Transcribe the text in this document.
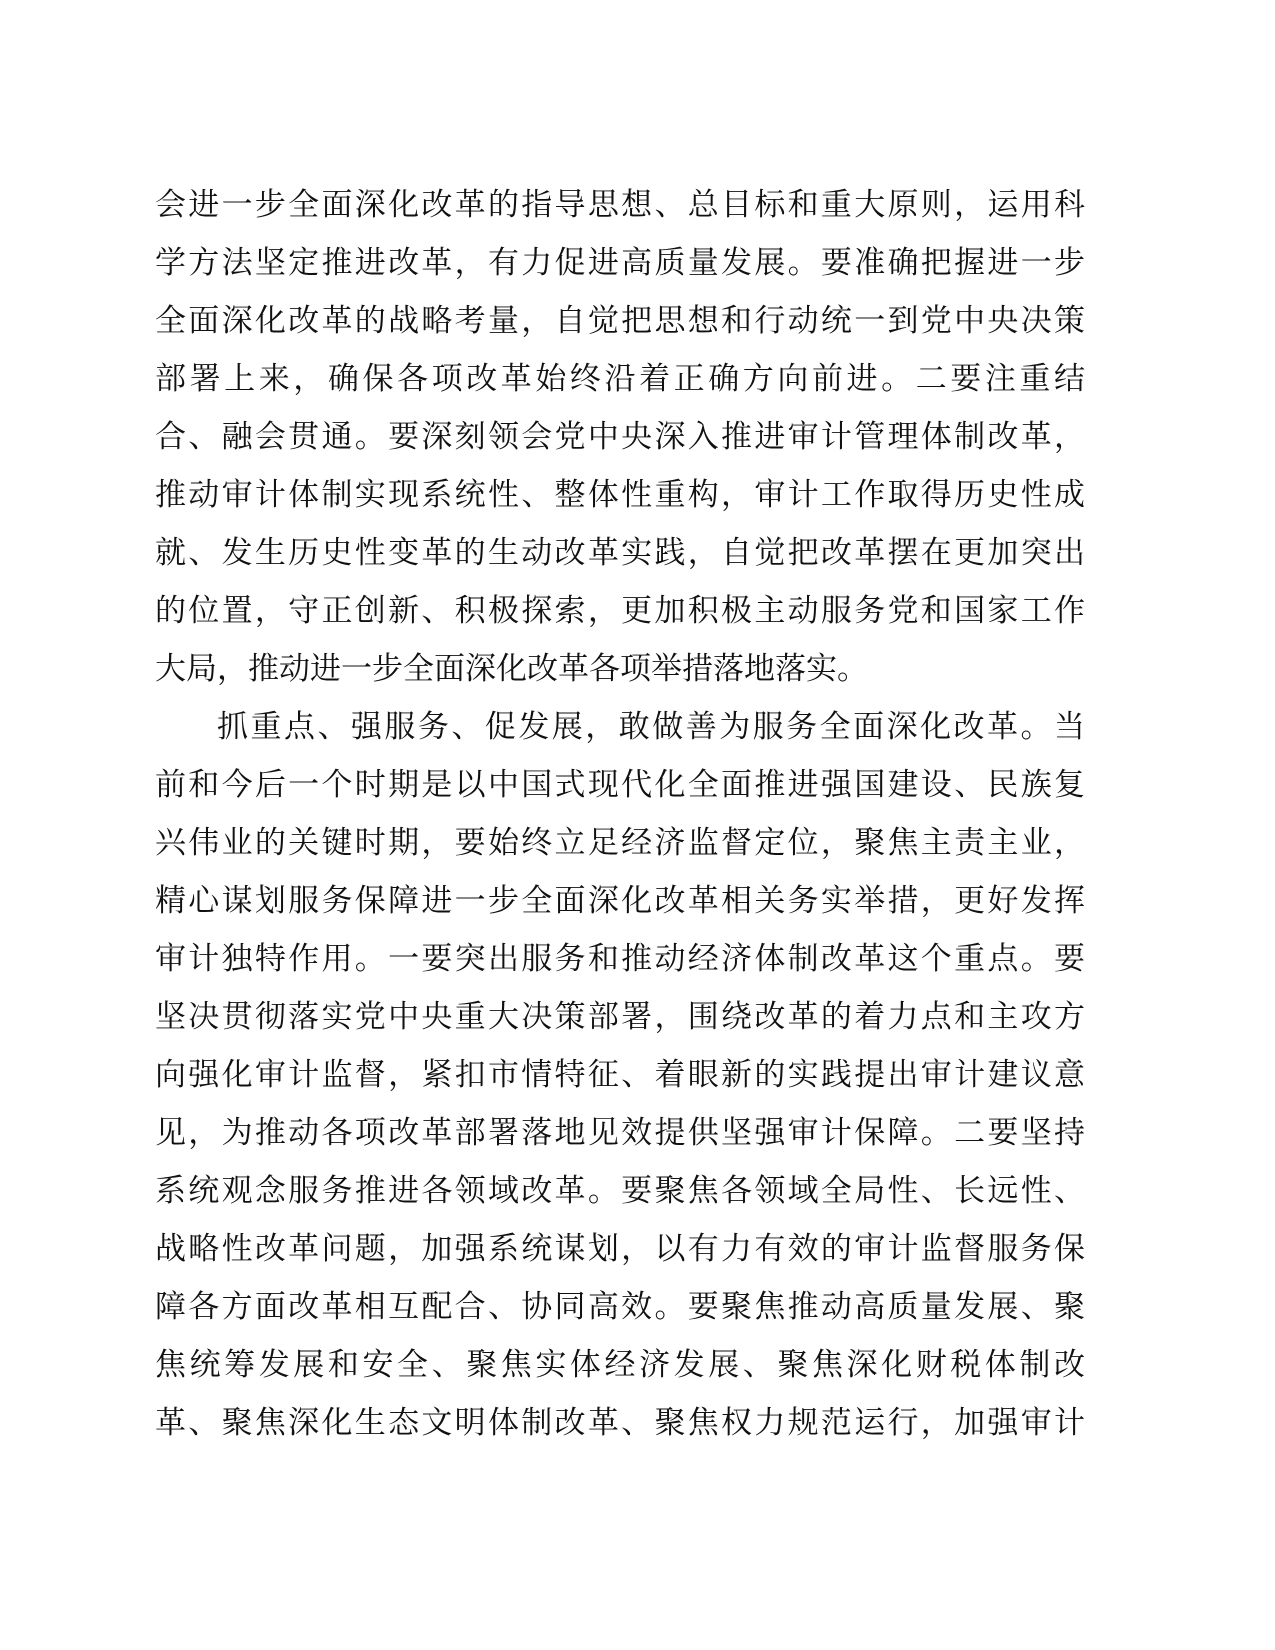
会进一步全面深化改革的指导思想、总目标和重大原则，运用科
学方法坚定推进改革，有力促进高质量发展。要准确把握进一步
全面深化改革的战略考量，自觉把思想和行动统一到党中央决策
部署上来，确保各项改革始终沿着正确方向前进。二要注重结
合、融会贯通。要深刻领会党中央深入推进审计管理体制改革，
推动审计体制实现系统性、整体性重构，审计工作取得历史性成
就、发生历史性变革的生动改革实践，自觉把改革摆在更加突出
的位置，守正创新、积极探索，更加积极主动服务党和国家工作
大局，推动进一步全面深化改革各项举措落地落实。
抓重点、强服务、促发展，敢做善为服务全面深化改革。当
前和今后一个时期是以中国式现代化全面推进强国建设、民族复
兴伟业的关键时期，要始终立足经济监督定位，聚焦主责主业，
精心谋划服务保障进一步全面深化改革相关务实举措，更好发挥
审计独特作用。一要突出服务和推动经济体制改革这个重点。要
坚决贯彻落实党中央重大决策部署，围绕改革的着力点和主攻方
向强化审计监督，紧扣市情特征、着眼新的实践提出审计建议意
见，为推动各项改革部署落地见效提供坚强审计保障。二要坚持
系统观念服务推进各领域改革。要聚焦各领域全局性、长远性、
战略性改革问题，加强系统谋划，以有力有效的审计监督服务保
障各方面改革相互配合、协同高效。要聚焦推动高质量发展、聚
焦统筹发展和安全、聚焦实体经济发展、聚焦深化财税体制改
革、聚焦深化生态文明体制改革、聚焦权力规范运行，加强审计
